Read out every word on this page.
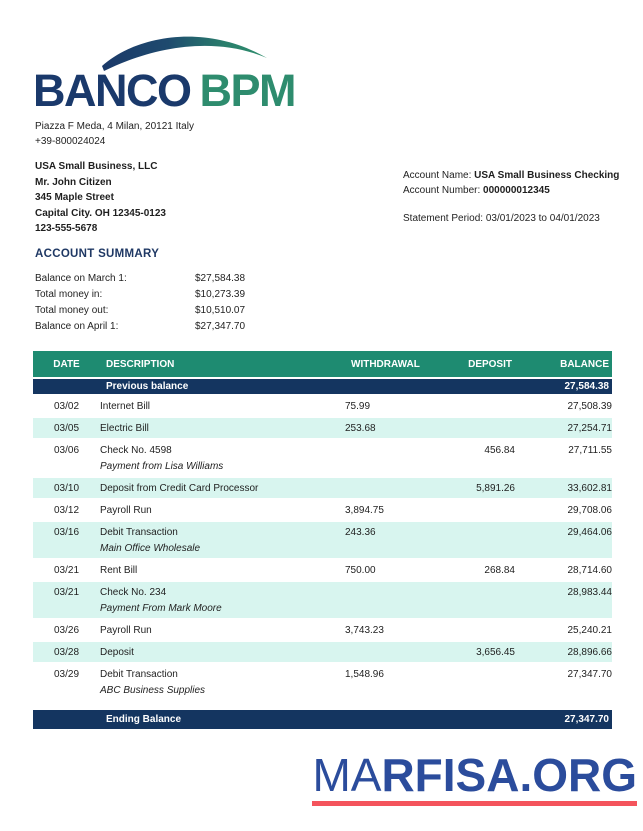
BANCO BPM
Piazza F Meda, 4 Milan, 20121 Italy
+39-800024024
USA Small Business, LLC
Mr. John Citizen
345 Maple Street
Capital City. OH 12345-0123
123-555-5678
Account Name: USA Small Business Checking
Account Number: 000000012345
Statement Period: 03/01/2023 to 04/01/2023
ACCOUNT SUMMARY
Balance on March 1:	$27,584.38
Total money in:	$10,273.39
Total money out:	$10,510.07
Balance on April 1:	$27,347.70
DATE	DESCRIPTION	WITHDRAWAL	DEPOSIT	BALANCE
	Previous balance			27,584.38
03/02	Internet Bill	75.99		27,508.39
03/05	Electric Bill	253.68		27,254.71
03/06	Check No. 4598
Payment from Lisa Williams		456.84	27,711.55
03/10	Deposit from Credit Card Processor		5,891.26	33,602.81
03/12	Payroll Run	3,894.75		29,708.06
03/16	Debit Transaction
Main Office Wholesale	243.36		29,464.06
03/21	Rent Bill	750.00	268.84	28,714.60
03/21	Check No. 234
Payment From Mark Moore			28,983.44
03/26	Payroll Run	3,743.23		25,240.21
03/28	Deposit		3,656.45	28,896.66
03/29	Debit Transaction
ABC Business Supplies	1,548.96		27,347.70

	Ending Balance			27,347.70
MARFISA.ORG
